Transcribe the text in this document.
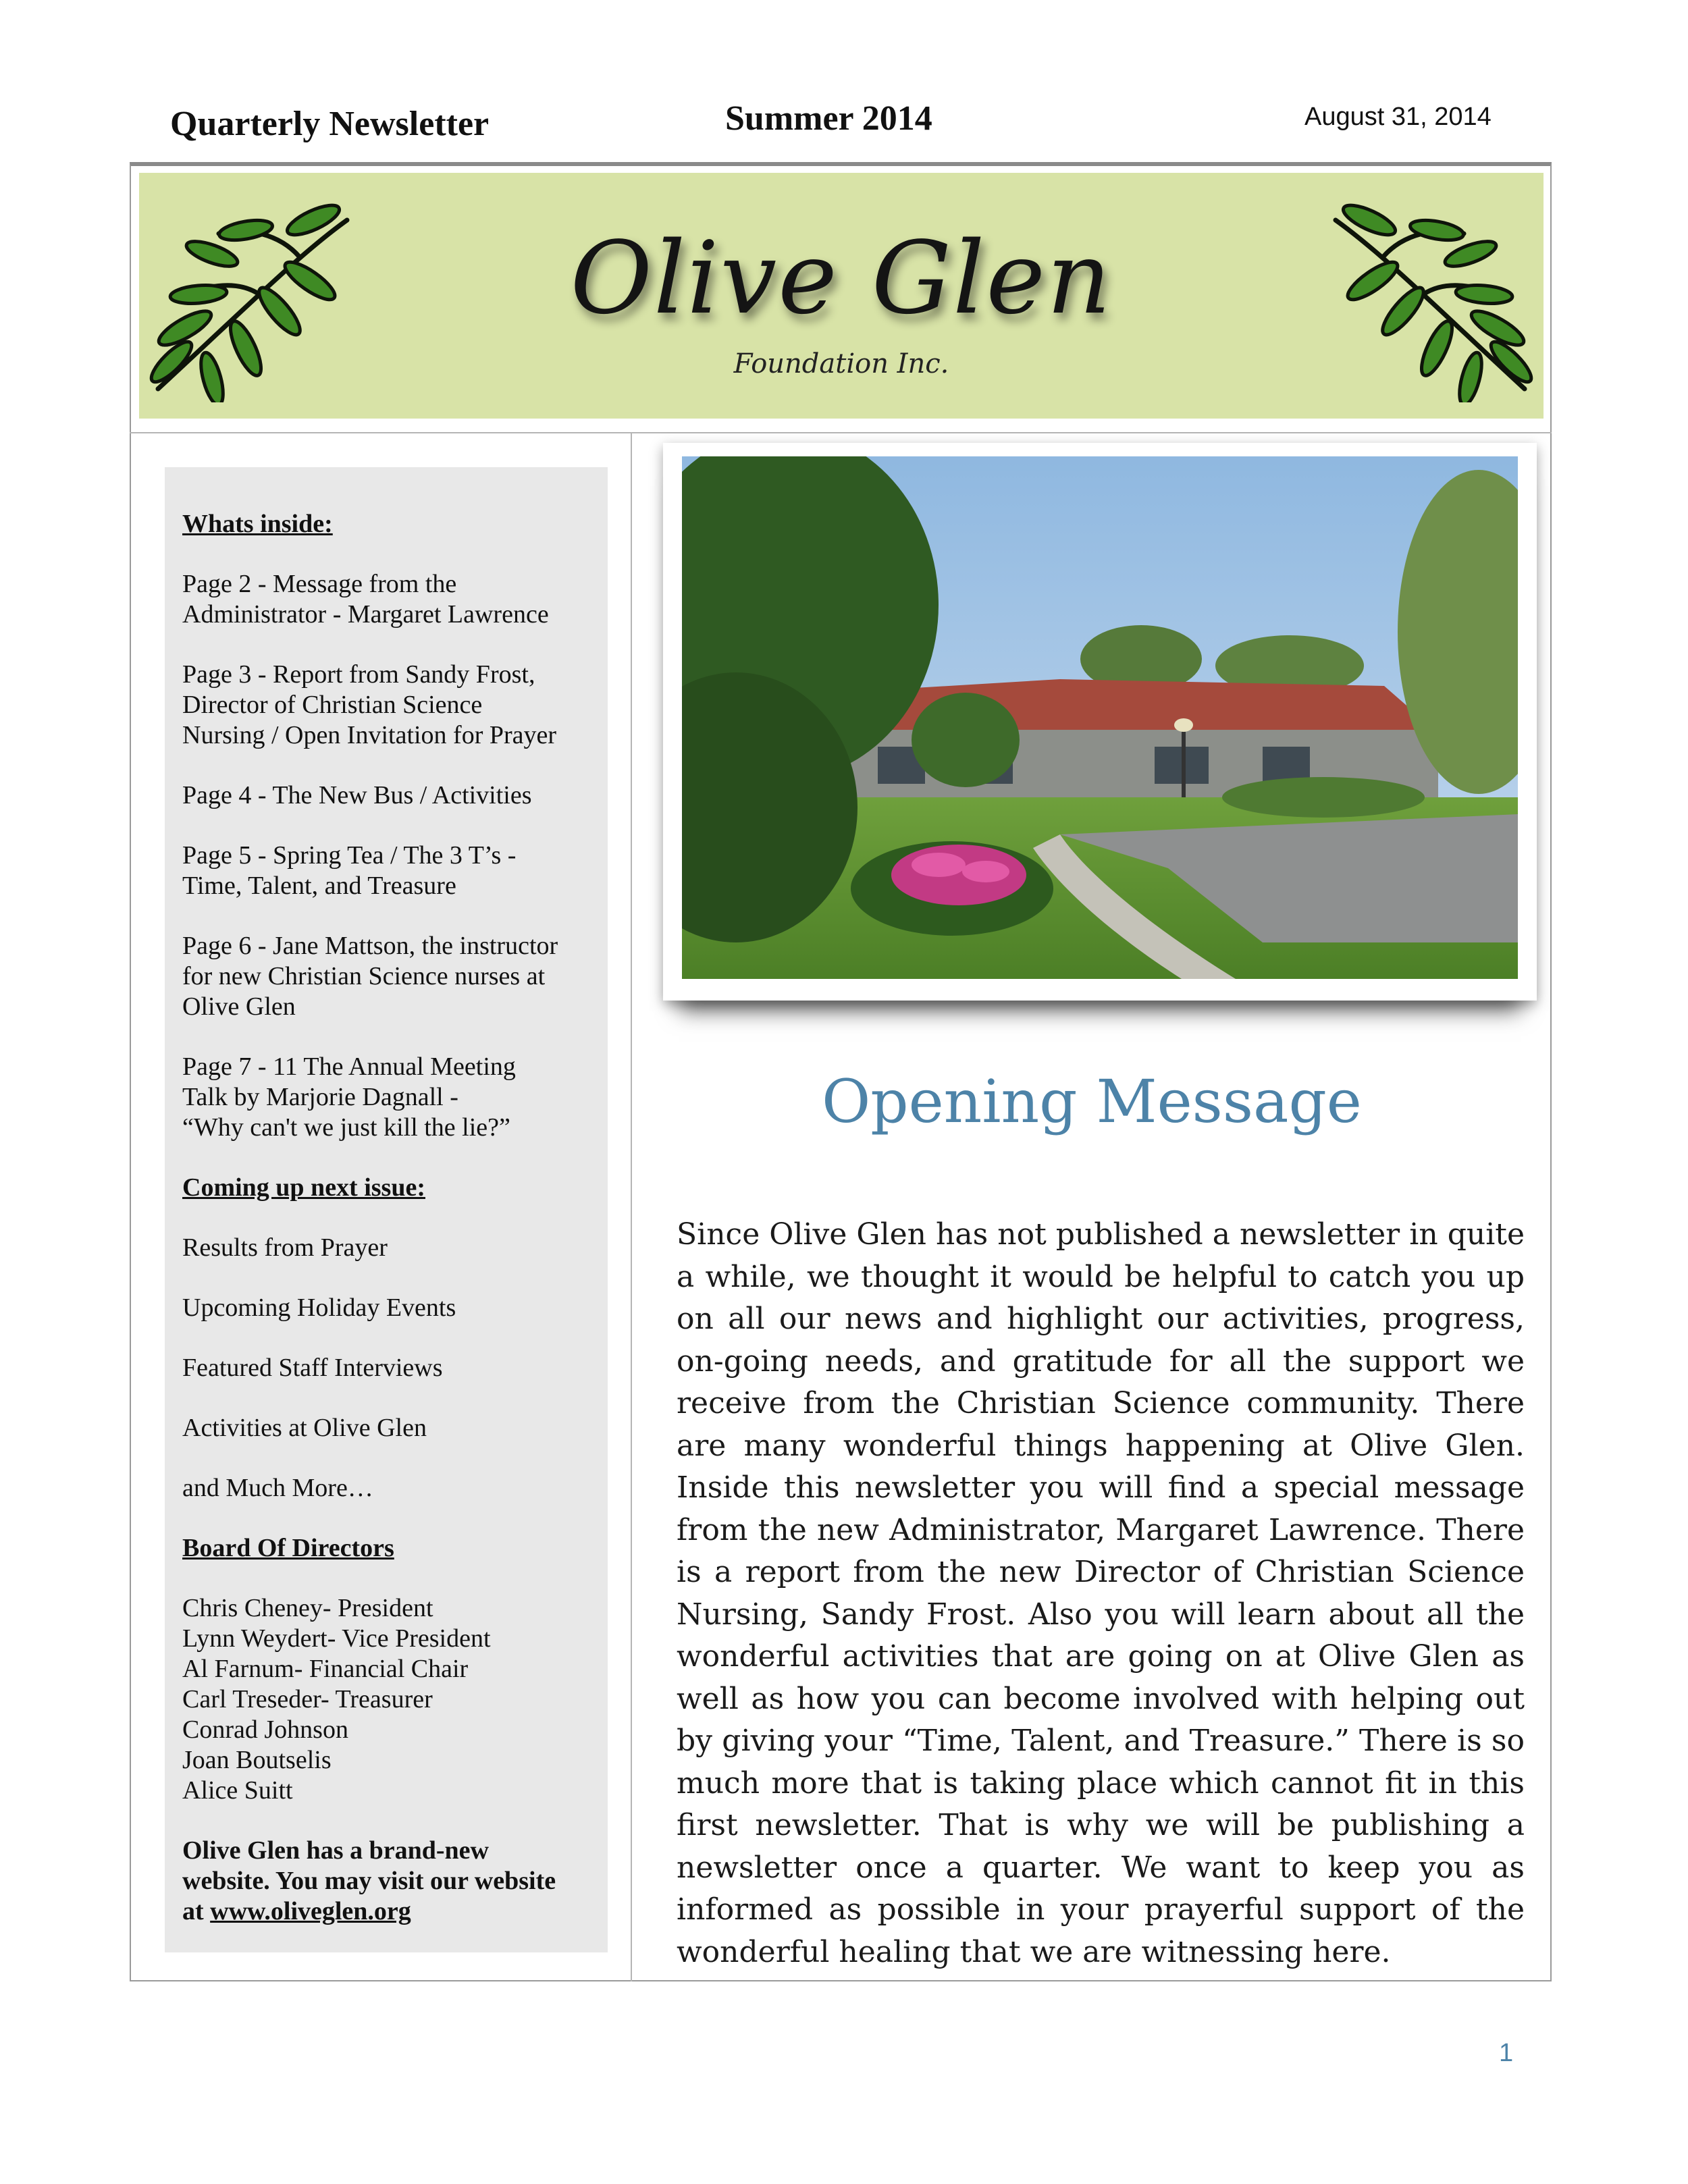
Quarterly Newsletter	Summer 2014	August 31, 2014
Olive Glen
Foundation Inc.

Whats inside:

Page 2 - Message from the

Administrator - Margaret Lawrence

Page 3 - Report from Sandy Frost,

Director of Christian Science

Nursing / Open Invitation for Prayer

Page 4 - The New Bus / Activities

Page 5 - Spring Tea / The 3 T’s -

Time, Talent, and Treasure

Page 6 - Jane Mattson, the instructor

for new Christian Science nurses at

Olive Glen

Page 7 - 11 The Annual Meeting

Talk by Marjorie Dagnall -

“Why can't we just kill the lie?”

Coming up next issue:

Results from Prayer

Upcoming Holiday Events

Featured Staff Interviews

Activities at Olive Glen

and Much More…

Board Of Directors

Chris Cheney- President

Lynn Weydert- Vice President

Al Farnum- Financial Chair

Carl Treseder- Treasurer

Conrad Johnson

Joan Boutselis

Alice Suitt

Olive Glen has a brand-new

website. You may visit our website

at www.oliveglen.org

Opening Message

Since Olive Glen has not published a newsletter in quite a while, we thought it would be helpful to catch you up on all our news and highlight our activities, progress, on-going needs, and gratitude for all the support we receive from the Christian Science community. There are many wonderful things happening at Olive Glen. Inside this newsletter you will find a special message from the new Administrator, Margaret Lawrence. There is a report from the new Director of Christian Science Nursing, Sandy Frost. Also you will learn about all the wonderful activities that are going on at Olive Glen as well as how you can become involved with helping out by giving your “Time, Talent, and Treasure.” There is so much more that is taking place which cannot fit in this first newsletter. That is why we will be publishing a newsletter once a quarter. We want to keep you as informed as possible in your prayerful support of the wonderful healing that we are witnessing here.

1
